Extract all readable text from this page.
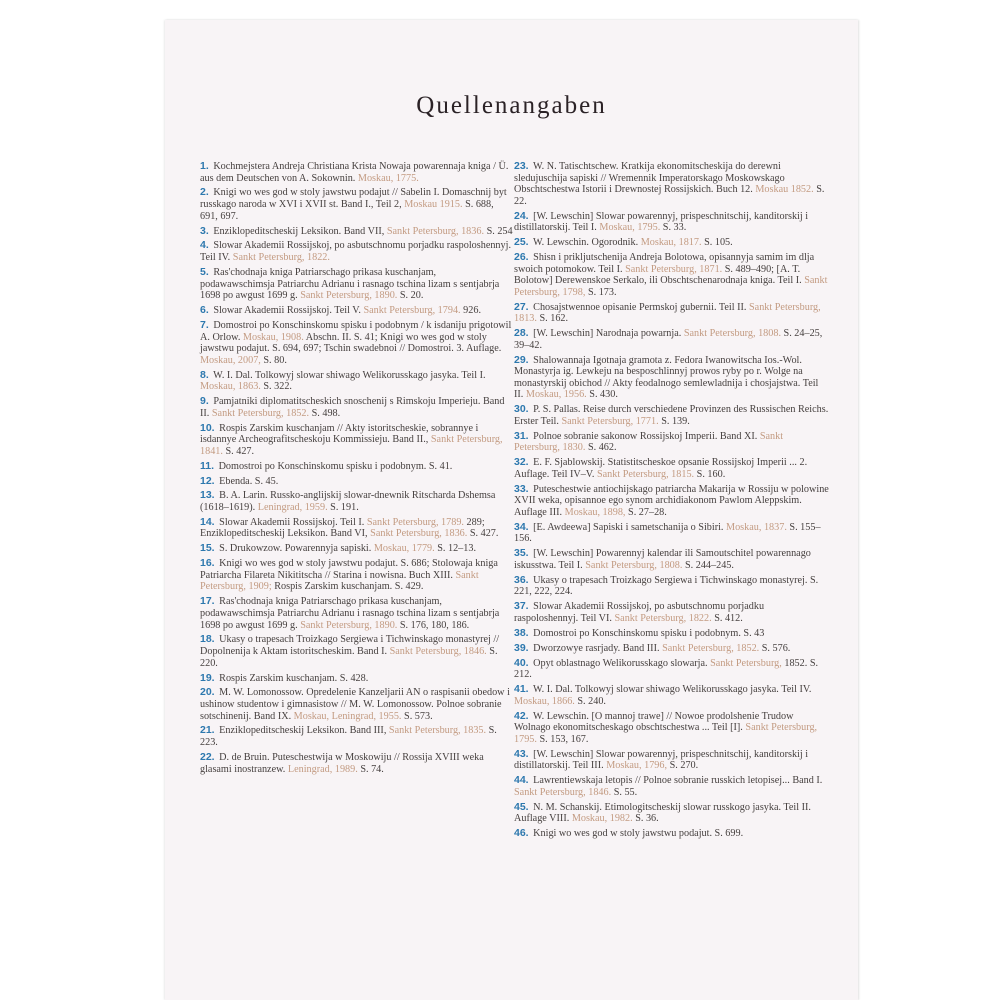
Quellenangaben
1. Kochmejstera Andreja Christiana Krista Nowaja powarennaja kniga / Ü. aus dem Deutschen von A. Sokownin. Moskau, 1775.
2. Knigi wo wes god w stoly jawstwu podajut // Sabelin I. Domaschnij byt russkago naroda w XVI i XVII st. Band I., Teil 2, Moskau 1915. S. 688, 691, 697.
3. Enziklopeditscheskij Leksikon. Band VII, Sankt Petersburg, 1836. S. 254
4. Slowar Akademii Rossijskoj, po asbutschnomu porjadku raspoloshennyj. Teil IV. Sankt Petersburg, 1822.
5. Ras'chodnaja kniga Patriarschago prikasa kuschanjam, podawawschimsja Patriarchu Adrianu i rasnago tschina lizam s sentjabrja 1698 po awgust 1699 g. Sankt Petersburg, 1890. S. 20.
6. Slowar Akademii Rossijskoj. Teil V. Sankt Petersburg, 1794. 926.
7. Domostroi po Konschinskomu spisku i podobnym / k isdaniju prigotowil A. Orlow. Moskau, 1908. Abschn. II. S. 41; Knigi wo wes god w stoly jawstwu podajut. S. 694, 697; Tschin swadebnoi // Domostroi. 3. Auflage. Moskau, 2007, S. 80.
8. W. I. Dal. Tolkowyj slowar shiwago Welikorusskago jasyka. Teil I. Moskau, 1863. S. 322.
9. Pamjatniki diplomatitscheskich snoschenij s Rimskoju Imperieju. Band II. Sankt Petersburg, 1852. S. 498.
10. Rospis Zarskim kuschanjam // Akty istoritscheskie, sobrannye i isdannye Archeografitscheskoju Kommissieju. Band II., Sankt Petersburg, 1841. S. 427.
11. Domostroi po Konschinskomu spisku i podobnym. S. 41.
12. Ebenda. S. 45.
13. B. A. Larin. Russko-anglijskij slowar-dnewnik Ritscharda Dshemsa (1618–1619). Leningrad, 1959. S. 191.
14. Slowar Akademii Rossijskoj. Teil I. Sankt Petersburg, 1789. 289; Enziklopeditscheskij Leksikon. Band VI, Sankt Petersburg, 1836. S. 427.
15. S. Drukowzow. Powarennyja sapiski. Moskau, 1779. S. 12–13.
16. Knigi wo wes god w stoly jawstwu podajut. S. 686; Stolowaja kniga Patriarcha Filareta Nikititscha // Starina i nowisna. Buch XIII. Sankt Petersburg, 1909; Rospis Zarskim kuschanjam. S. 429.
17. Ras'chodnaja kniga Patriarschago prikasa kuschanjam, podawawschimsja Patriarchu Adrianu i rasnago tschina lizam s sentjabrja 1698 po awgust 1699 g. Sankt Petersburg, 1890. S. 176, 180, 186.
18. Ukasy o trapesach Troizkago Sergiewa i Tichwinskago monastyrej // Dopolnenija k Aktam istoritscheskim. Band I. Sankt Petersburg, 1846. S. 220.
19. Rospis Zarskim kuschanjam. S. 428.
20. M. W. Lomonossow. Opredelenie Kanzeljarii AN o raspisanii obedow i ushinow studentow i gimnasistow // M. W. Lomonossow. Polnoe sobranie sotschinenij. Band IX. Moskau, Leningrad, 1955. S. 573.
21. Enziklopeditscheskij Leksikon. Band III, Sankt Petersburg, 1835. S. 223.
22. D. de Bruin. Puteschestwija w Moskowiju // Rossija XVIII weka glasami inostranzew. Leningrad, 1989. S. 74.
23. W. N. Tatischtschew. Kratkija ekonomitscheskija do derewni sledujuschija sapiski // Wremennik Imperatorskago Moskowskago Obschtschestwa Istorii i Drewnostej Rossijskich. Buch 12. Moskau 1852. S. 22.
24. [W. Lewschin] Slowar powarennyj, prispeschnitschij, kanditorskij i distillatorskij. Teil I. Moskau, 1795. S. 33.
25. W. Lewschin. Ogorodnik. Moskau, 1817. S. 105.
26. Shisn i prikljutschenija Andreja Bolotowa, opisannyja samim im dlja swoich potomokow. Teil I. Sankt Petersburg, 1871. S. 489–490; [A. T. Bolotow] Derewenskoe Serkalo, ili Obschtschenarodnaja kniga. Teil I. Sankt Petersburg, 1798, S. 173.
27. Chosajstwennoe opisanie Permskoj gubernii. Teil II. Sankt Petersburg, 1813. S. 162.
28. [W. Lewschin] Narodnaja powarnja. Sankt Petersburg, 1808. S. 24–25, 39–42.
29. Shalowannaja Igotnaja gramota z. Fedora Iwanowitscha Ios.-Wol. Monastyrja ig. Lewkeju na besposchlinnyj prowos ryby po r. Wolge na monastyrskij obichod // Akty feodalnogo semlewladnija i chosjajstwa. Teil II. Moskau, 1956. S. 430.
30. P. S. Pallas. Reise durch verschiedene Provinzen des Russischen Reichs. Erster Teil. Sankt Petersburg, 1771. S. 139.
31. Polnoe sobranie sakonow Rossijskoj Imperii. Band XI. Sankt Petersburg, 1830. S. 462.
32. E. F. Sjablowskij. Statistitscheskoe opsanie Rossijskoj Imperii ... 2. Auflage. Teil IV–V. Sankt Petersburg, 1815. S. 160.
33. Puteschestwie antiochijskago patriarcha Makarija w Rossiju w polowine XVII weka, opisannoe ego synom archidiakonom Pawlom Aleppskim. Auflage III. Moskau, 1898, S. 27–28.
34. [E. Awdeewa] Sapiski i sametschanija o Sibiri. Moskau, 1837. S. 155–156.
35. [W. Lewschin] Powarennyj kalendar ili Samoutschitel powarennago iskusstwa. Teil I. Sankt Petersburg, 1808. S. 244–245.
36. Ukasy o trapesach Troizkago Sergiewa i Tichwinskago monastyrej. S. 221, 222, 224.
37. Slowar Akademii Rossijskoj, po asbutschnomu porjadku raspoloshennyj. Teil VI. Sankt Petersburg, 1822. S. 412.
38. Domostroi po Konschinskomu spisku i podobnym. S. 43
39. Dworzowye rasrjady. Band III. Sankt Petersburg, 1852. S. 576.
40. Opyt oblastnago Welikorusskago slowarja. Sankt Petersburg, 1852. S. 212.
41. W. I. Dal. Tolkowyj slowar shiwago Welikorusskago jasyka. Teil IV. Moskau, 1866. S. 240.
42. W. Lewschin. [O mannoj trawe] // Nowoe prodolshenie Trudow Wolnago ekonomitscheskago obschtschestwa ... Teil [I]. Sankt Petersburg, 1795. S. 153, 167.
43. [W. Lewschin] Slowar powarennyj, prispeschnitschij, kanditorskij i distillatorskij. Teil III. Moskau, 1796, S. 270.
44. Lawrentiewskaja letopis // Polnoe sobranie russkich letopisej... Band I. Sankt Petersburg, 1846. S. 55.
45. N. M. Schanskij. Etimologitscheskij slowar russkogo jasyka. Teil II. Auflage VIII. Moskau, 1982. S. 36.
46. Knigi wo wes god w stoly jawstwu podajut. S. 699.
